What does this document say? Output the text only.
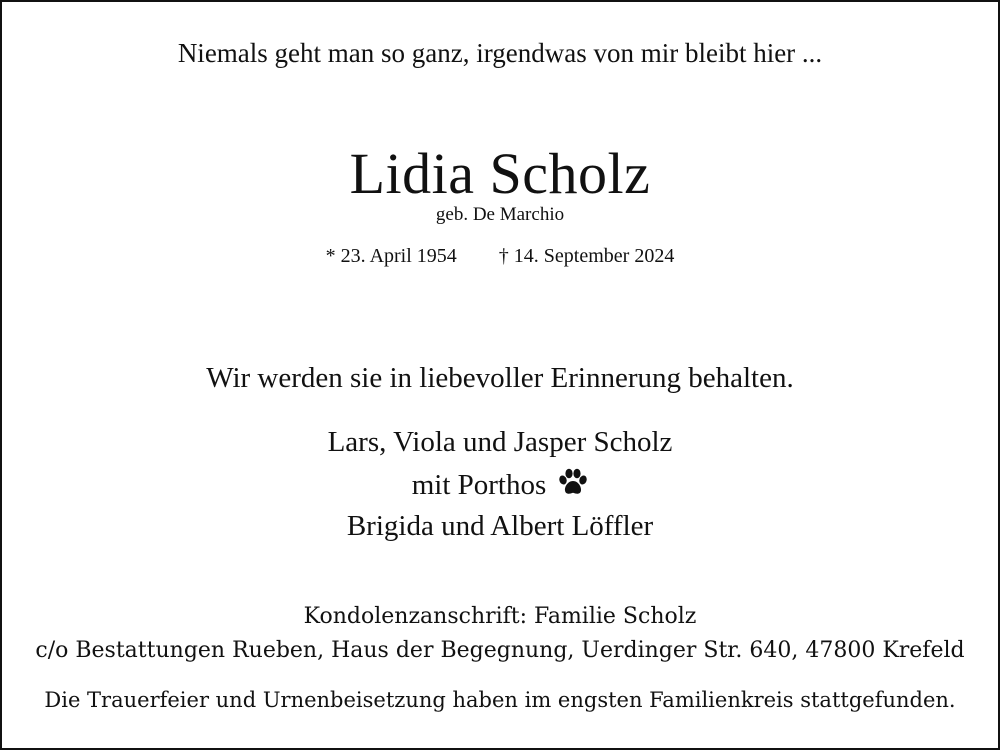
Niemals geht man so ganz, irgendwas von mir bleibt hier ...
Lidia Scholz
geb. De Marchio
* 23. April 1954 † 14. September 2024
Wir werden sie in liebevoller Erinnerung behalten.
Lars, Viola und Jasper Scholz
mit Porthos
Brigida und Albert Löffler
Kondolenzanschrift: Familie Scholz
c/o Bestattungen Rueben, Haus der Begegnung, Uerdinger Str. 640, 47800 Krefeld
Die Trauerfeier und Urnenbeisetzung haben im engsten Familienkreis stattgefunden.
